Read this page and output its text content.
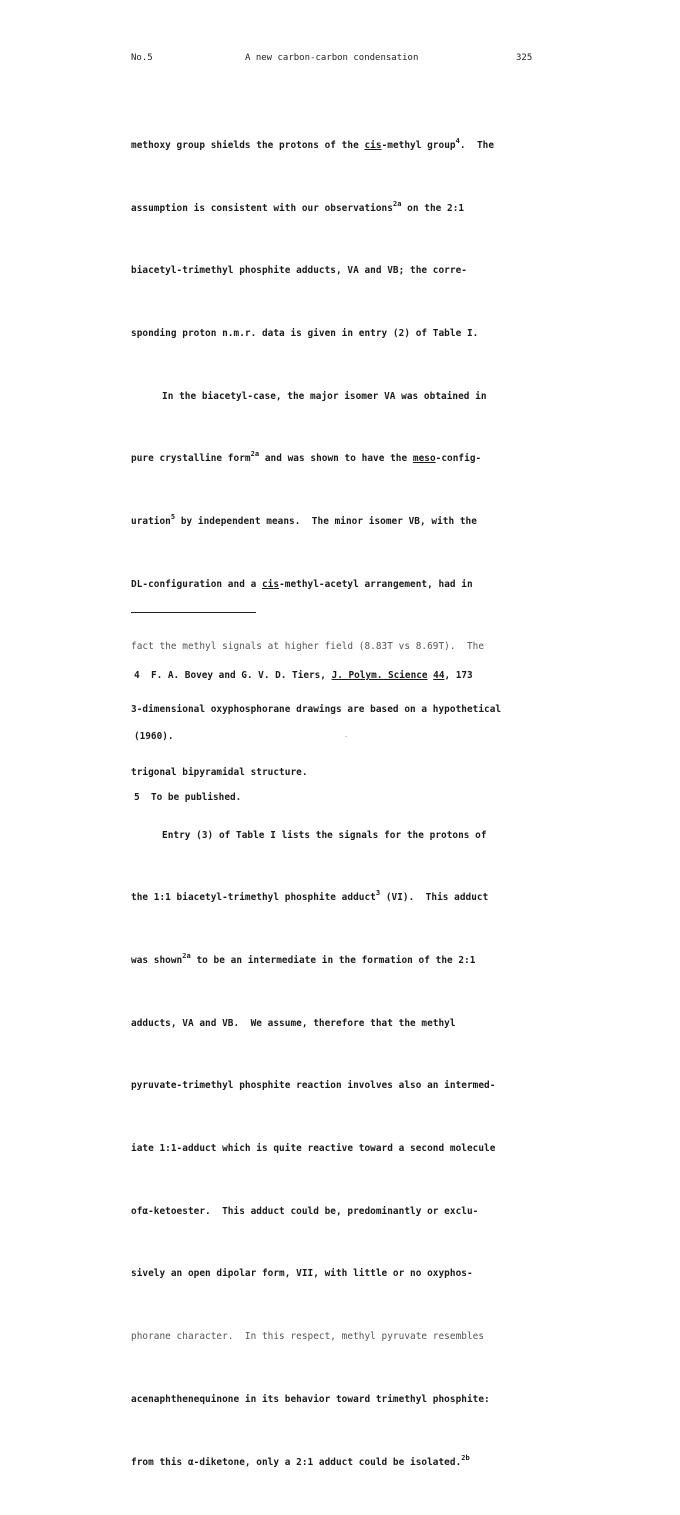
No.5	A new carbon-carbon condensation	325

methoxy group shields the protons of the cis-methyl group$^4$.  The

assumption is consistent with our observations$^{2a}$ on the 2:1

biacetyl-trimethyl phosphite adducts, VA and VB; the corre-

sponding proton n.m.r. data is given in entry (2) of Table I.

In the biacetyl-case, the major isomer VA was obtained in

pure crystalline form$^{2a}$ and was shown to have the meso-config-

uration$^5$ by independent means.  The minor isomer VB, with the

DL-configuration and a cis-methyl-acetyl arrangement, had in

fact the methyl signals at higher field (8.83T vs 8.69T).  The

3-dimensional oxyphosphorane drawings are based on a hypothetical

trigonal bipyramidal structure.

Entry (3) of Table I lists the signals for the protons of

the 1:1 biacetyl-trimethyl phosphite adduct$^3$ (VI).  This adduct

was shown$^{2a}$ to be an intermediate in the formation of the 2:1

adducts, VA and VB.  We assume, therefore that the methyl

pyruvate-trimethyl phosphite reaction involves also an intermed-

iate 1:1-adduct which is quite reactive toward a second molecule

ofα-ketoester.  This adduct could be, predominantly or exclu-

sively an open dipolar form, VII, with little or no oxyphos-

phorane character.  In this respect, methyl pyruvate resembles

acenaphthenequinone in its behavior toward trimethyl phosphite:

from this α-diketone, only a 2:1 adduct could be isolated.$^{2b}$

4  F. A. Bovey and G. V. D. Tiers, J. Polym. Science 44, 173

(1960).

5  To be published.
